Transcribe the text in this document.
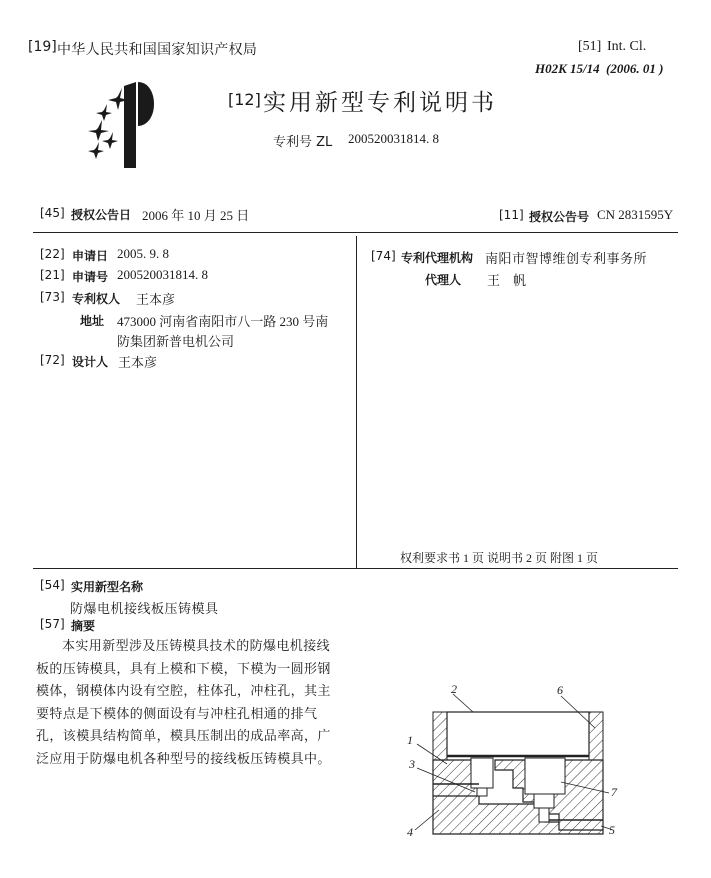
[19] 中华人民共和国国家知识产权局	[51] Int. Cl.
H02K 15/14 (2006. 01 )
[12] 实用新型专利说明书
专利号 ZL 200520031814. 8
[45] 授权公告日 2006 年 10 月 25 日	[11] 授权公告号 CN 2831595Y
[22] 申请日 2005. 9. 8
[21] 申请号 200520031814. 8
[73] 专利权人 王本彦
地址 473000 河南省南阳市八一路 230 号南
防集团新普电机公司
[72] 设计人 王本彦
[74] 专利代理机构 南阳市智博维创专利事务所
代理人 王　帆
权利要求书 1 页 说明书 2 页 附图 1 页
[54] 实用新型名称
防爆电机接线板压铸模具
[57] 摘要
本实用新型涉及压铸模具技术的防爆电机接线
板的压铸模具，具有上模和下模，下模为一圆形钢
模体，钢模体内设有空腔，柱体孔，冲柱孔，其主
要特点是下模体的侧面设有与冲柱孔相通的排气
孔，该模具结构简单，模具压制出的成品率高，广
泛应用于防爆电机各种型号的接线板压铸模具中。
1
2
3
4	5
6
7
